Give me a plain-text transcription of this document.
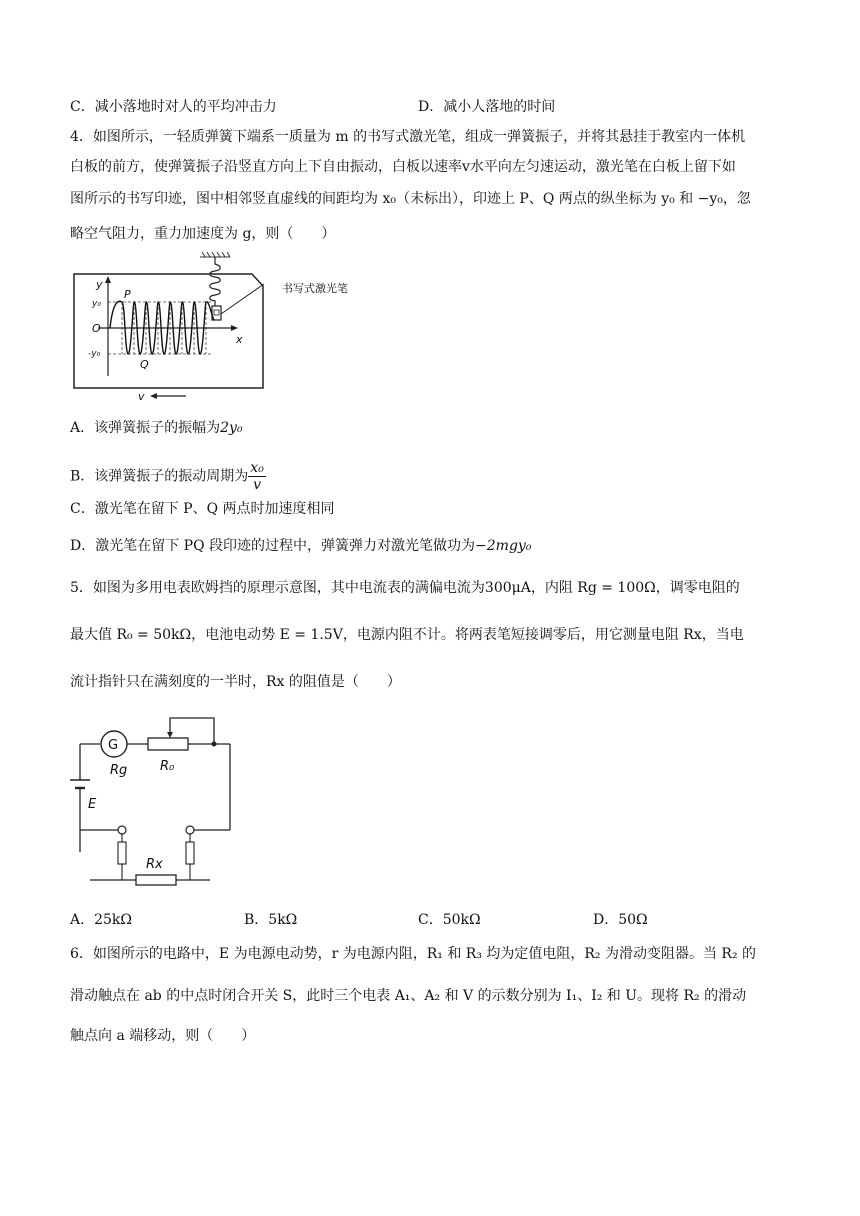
C．减小落地时对人的平均冲击力	D．减小人落地的时间
4．如图所示，一轻质弹簧下端系一质量为 m 的书写式激光笔，组成一弹簧振子，并将其悬挂于教室内一体机
白板的前方，使弹簧振子沿竖直方向上下自由振动，白板以速率v水平向左匀速运动，激光笔在白板上留下如
图所示的书写印迹，图中相邻竖直虚线的间距均为 x₀（未标出），印迹上 P、Q 两点的纵坐标为 y₀ 和 −y₀，忽
略空气阻力，重力加速度为 g，则（　　）
书写式激光笔
y
x
O
y₀
-y₀
P
Q
v
A．该弹簧振子的振幅为2y₀
B．该弹簧振子的振动周期为 $\frac{\text{x₀}}{v}$
C．激光笔在留下 P、Q 两点时加速度相同
D．激光笔在留下 PQ 段印迹的过程中，弹簧弹力对激光笔做功为−2mgy₀
5．如图为多用电表欧姆挡的原理示意图，其中电流表的满偏电流为300μA，内阻 Rg = 100Ω，调零电阻的
最大值 R₀ = 50kΩ，电池电动势 E = 1.5V，电源内阻不计。将两表笔短接调零后，用它测量电阻 Rx，当电
流计指针只在满刻度的一半时，Rx 的阻值是（　　）
G
Rg	R₀
E
Rx
A．25kΩ	B．5kΩ	C．50kΩ	D．50Ω
6．如图所示的电路中，E 为电源电动势，r 为电源内阻，R₁ 和 R₃ 均为定值电阻，R₂ 为滑动变阻器。当 R₂ 的
滑动触点在 ab 的中点时闭合开关 S，此时三个电表 A₁、A₂ 和 V 的示数分别为 I₁、I₂ 和 U。现将 R₂ 的滑动
触点向 a 端移动，则（　　）
